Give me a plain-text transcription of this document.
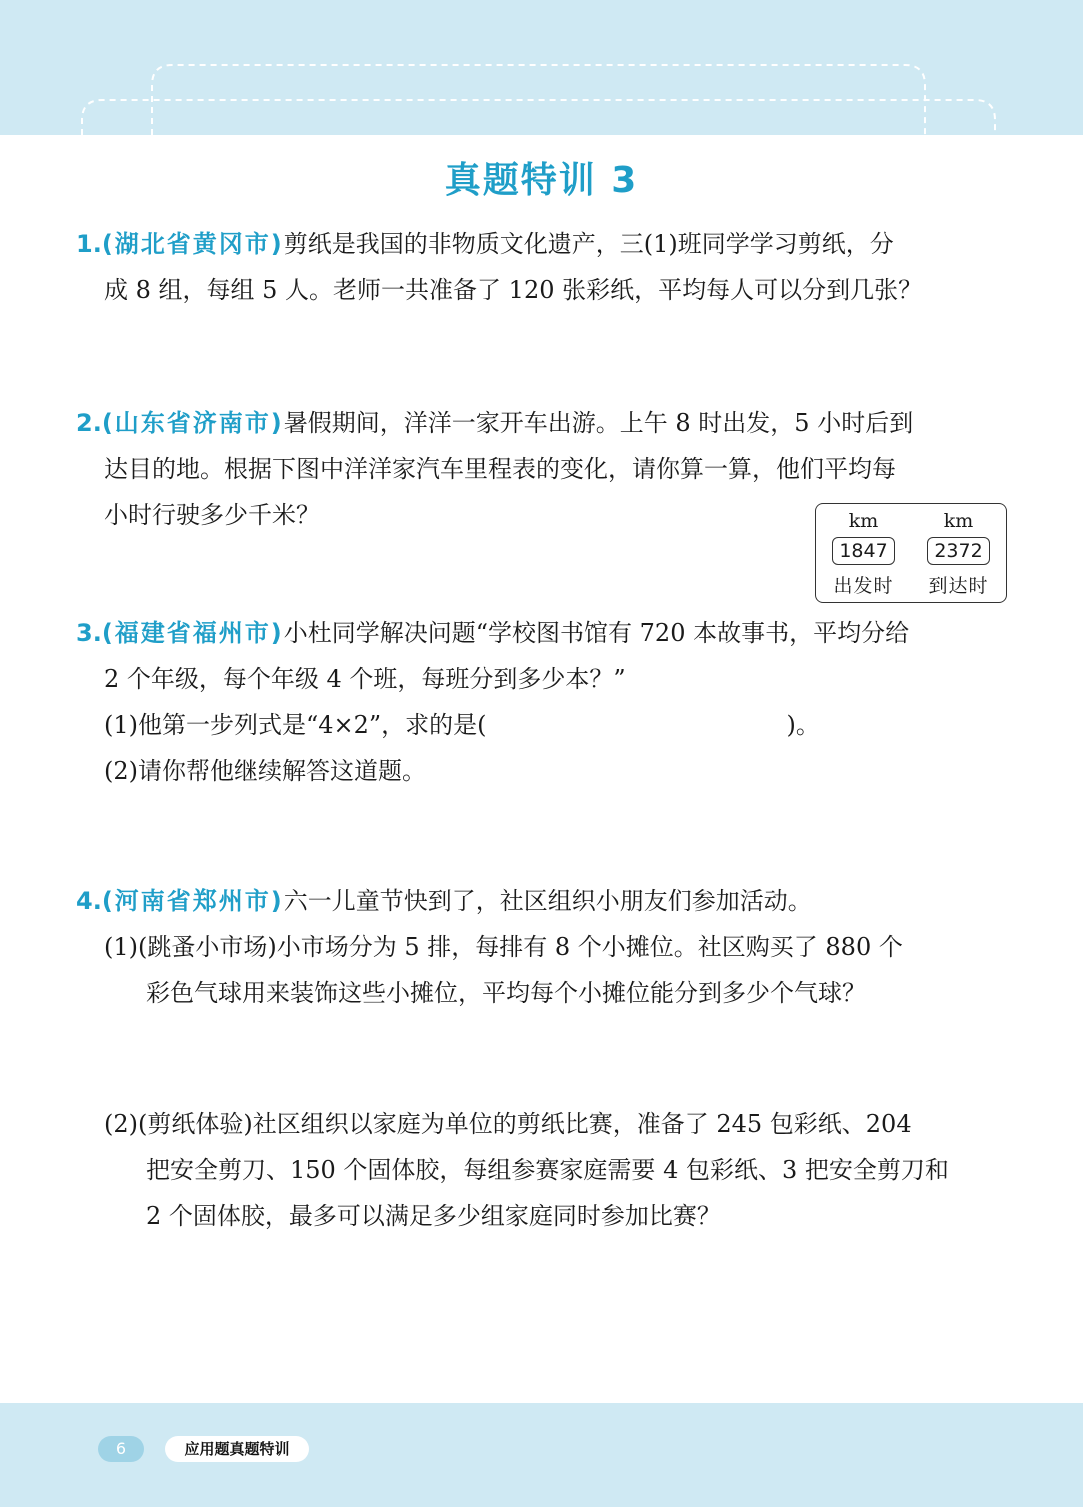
真题特训 3
1.(湖北省黄冈市)剪纸是我国的非物质文化遗产，三(1)班同学学习剪纸，分
成 8 组，每组 5 人。老师一共准备了 120 张彩纸，平均每人可以分到几张？
2.(山东省济南市)暑假期间，洋洋一家开车出游。上午 8 时出发，5 小时后到
达目的地。根据下图中洋洋家汽车里程表的变化，请你算一算，他们平均每
小时行驶多少千米？	km
1847
出发时
km
2372
到达时
3.(福建省福州市)小杜同学解决问题“学校图书馆有 720 本故事书，平均分给
2 个年级，每个年级 4 个班，每班分到多少本？”
(1)他第一步列式是“4×2”，求的是(	)。
(2)请你帮他继续解答这道题。
4.(河南省郑州市)六一儿童节快到了，社区组织小朋友们参加活动。
(1)(跳蚤小市场)小市场分为 5 排，每排有 8 个小摊位。社区购买了 880 个
彩色气球用来装饰这些小摊位，平均每个小摊位能分到多少个气球？
(2)(剪纸体验)社区组织以家庭为单位的剪纸比赛，准备了 245 包彩纸、204
把安全剪刀、150 个固体胶，每组参赛家庭需要 4 包彩纸、3 把安全剪刀和
2 个固体胶，最多可以满足多少组家庭同时参加比赛？
6	应用题真题特训
